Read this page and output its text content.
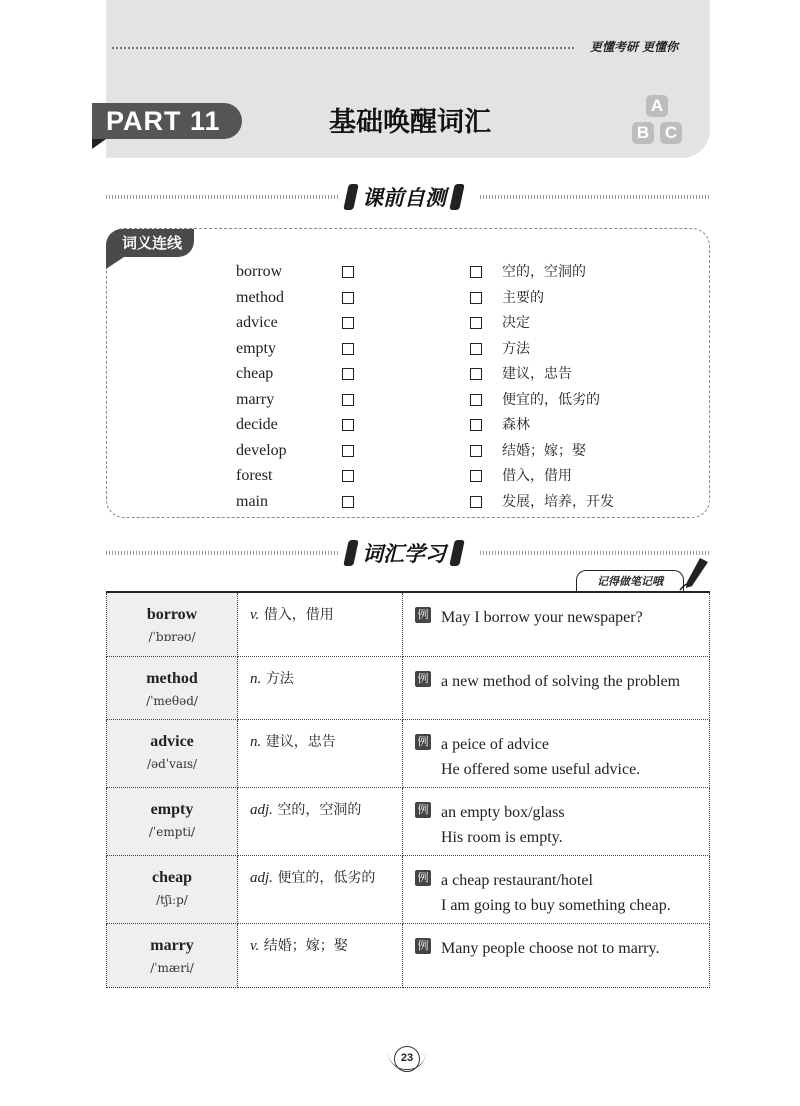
更懂考研 更懂你
PART 11	基础唤醒词汇
A
B C
课前自测
词义连线
borrow	空的，空洞的
method	主要的
advice	决定
empty	方法
cheap	建议，忠告
marry	便宜的，低劣的
decide	森林
develop	结婚；嫁；娶
forest	借入，借用
main	发展，培养，开发
词汇学习
记得做笔记哦
borrow
/ˈbɒrəʊ/	v. 借入，借用	例 May I borrow your newspaper?

method
/ˈmeθəd/	n. 方法	例 a new method of solving the problem

advice
/ədˈvaɪs/	n. 建议，忠告	例 a peice of advice
He offered some useful advice.

empty
/ˈempti/	adj. 空的，空洞的	例 an empty box/glass
His room is empty.

cheap
/tʃiːp/	adj. 便宜的，低劣的	例 a cheap restaurant/hotel
I am going to buy something cheap.

marry
/ˈmæri/	v. 结婚；嫁；娶	例 Many people choose not to marry.
23
